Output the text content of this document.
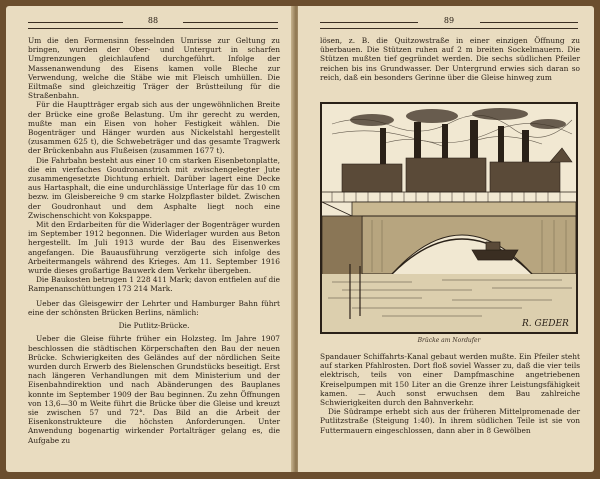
88

Um die den Formensinn fesselnden Umrisse zur Geltung zu bringen, wurden der Ober- und Untergurt in scharfen Umgrenzungen gleichlaufend durchgeführt. Infolge der Massenanwendung des Eisens kamen volle Bleche zur Verwendung, welche die Stäbe wie mit Fleisch umhüllen. Die Eiltmaße sind gleichzeitig Träger der Brüstteilung für die Straßenbahn.

Für die Hauptträger ergab sich aus der ungewöhnlichen Breite der Brücke eine große Belastung. Um ihr gerecht zu werden, mußte man ein Eisen von hoher Festigkeit wählen. Die Bogenträger und Hänger wurden aus Nickelstahl hergestellt (zusammen 625 t), die Schwebeträger und das gesamte Tragwerk der Brückenbahn aus Flußeisen (zusammen 1677 t).

Die Fahrbahn besteht aus einer 10 cm starken Eisenbetonplatte, die ein vierfaches Goudronanstrich mit zwischengelegter Jute zusammengesetzte Dichtung erhielt. Darüber lagert eine Decke aus Hartasphalt, die eine undurchlässige Unterlage für das 10 cm bezw. im Gleisbereiche 9 cm starke Holzpflaster bildet. Zwischen der Goudronhaut und dem Asphalte liegt noch eine Zwischenschicht von Kokspappe.

Mit den Erdarbeiten für die Widerlager der Bogenträger wurden im September 1912 begonnen. Die Widerlager wurden aus Beton hergestellt. Im Juli 1913 wurde der Bau des Eisenwerkes angefangen. Die Bauausführung verzögerte sich infolge des Arbeitermangels während des Krieges. Am 11. September 1916 wurde dieses großartige Bauwerk dem Verkehr übergeben.

Die Baukosten betrugen 1 228 411 Mark; davon entfielen auf die Rampenanschüttungen 173 214 Mark.

Ueber das Gleisgewirr der Lehrter und Hamburger Bahn führt eine der schönsten Brücken Berlins, nämlich:

Die Putlitz-Brücke.

Ueber die Gleise führte früher ein Holzsteg. Im Jahre 1907 beschlossen die städtischen Körperschaften den Bau der neuen Brücke. Schwierigkeiten des Geländes auf der nördlichen Seite wurden durch Erwerb des Bielenschen Grundstücks beseitigt. Erst nach längeren Verhandlungen mit dem Ministerium und der Eisenbahndirektion und nach Abänderungen des Bauplanes konnte im September 1909 der Bau beginnen. Zu zehn Öffnungen von 13,6—30 m Weite führt die Brücke über die Gleise und kreuzt sie zwischen 57 und 72°. Das Bild an die Arbeit der Eisenkonstrukteure die höchsten Anforderungen. Unter Anwendung bogenartig wirkender Portalträger gelang es, die Aufgabe zu

89

lösen, z. B. die Quitzowstraße in einer einzigen Öffnung zu überbauen. Die Stützen ruhen auf 2 m breiten Sockelmauern. Die Stützen mußten tief gegründet werden. Die sechs südlichen Pfeiler reichen bis ins Grundwasser. Der Untergrund erwies sich daran so reich, daß ein besonders Gerinne über die Gleise hinweg zum

R. GEDER
Brücke am Nordufer

Spandauer Schiffahrts-Kanal gebaut werden mußte. Ein Pfeiler steht auf starken Pfahlrosten. Dort floß soviel Wasser zu, daß die vier teils elektrisch, teils von einer Dampfmaschine angetriebenen Kreiselpumpen mit 150 Liter an die Grenze ihrer Leistungsfähigkeit kamen. — Auch sonst erwuchsen dem Bau zahlreiche Schwierigkeiten durch den Bahnverkehr.

Die Südrampe erhebt sich aus der früheren Mittelpromenade der Putlitzstraße (Steigung 1:40). In ihrem südlichen Teile ist sie von Futtermauern eingeschlossen, dann aber in 8 Gewölben
